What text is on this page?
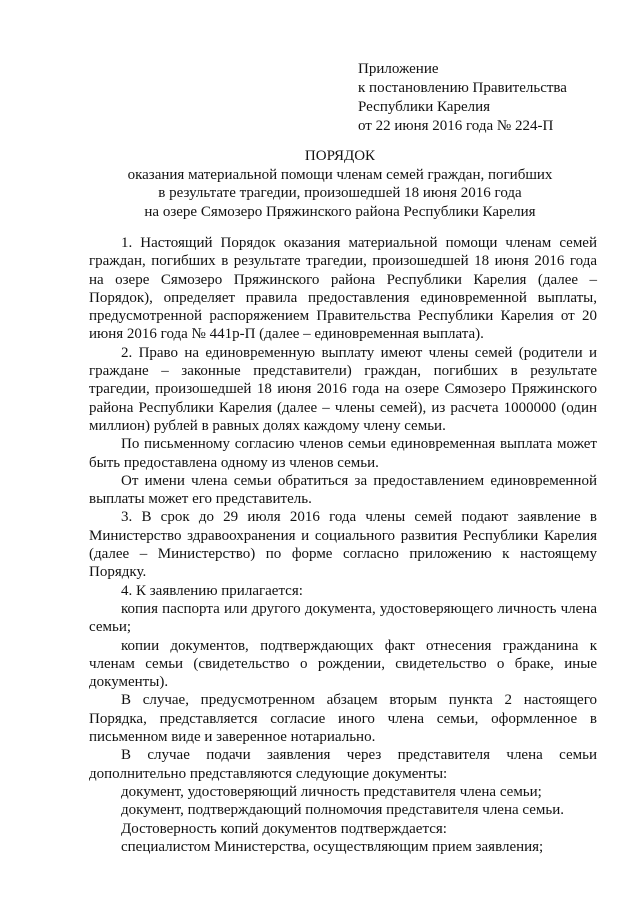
Приложение
к постановлению Правительства
Республики Карелия
от 22 июня 2016 года № 224-П
ПОРЯДОК
оказания материальной помощи членам семей граждан, погибших
в результате трагедии, произошедшей 18 июня 2016 года
на озере Сямозеро Пряжинского района Республики Карелия

1. Настоящий Порядок оказания материальной помощи членам семей граждан, погибших в результате трагедии, произошедшей 18 июня 2016 года на озере Сямозеро Пряжинского района Республики Карелия (далее – Порядок), определяет правила предоставления единовременной выплаты, предусмотренной распоряжением Правительства Республики Карелия от 20 июня 2016 года № 441р-П (далее – единовременная выплата).

2. Право на единовременную выплату имеют члены семей (родители и граждане – законные представители) граждан, погибших в результате трагедии, произошедшей 18 июня 2016 года на озере Сямозеро Пряжинского района Республики Карелия (далее – члены семей), из расчета 1000000 (один миллион) рублей в равных долях каждому члену семьи.

По письменному согласию членов семьи единовременная выплата может быть предоставлена одному из членов семьи.

От имени члена семьи обратиться за предоставлением единовременной выплаты может его представитель.

3. В срок до 29 июля 2016 года члены семей подают заявление в Министерство здравоохранения и социального развития Республики Карелия (далее – Министерство) по форме согласно приложению к настоящему Порядку.

4. К заявлению прилагается:

копия паспорта или другого документа, удостоверяющего личность члена семьи;

копии документов, подтверждающих факт отнесения гражданина к членам семьи (свидетельство о рождении, свидетельство о браке, иные документы).

В случае, предусмотренном абзацем вторым пункта 2 настоящего Порядка, представляется согласие иного члена семьи, оформленное в письменном виде и заверенное нотариально.

В случае подачи заявления через представителя члена семьи дополнительно представляются следующие документы:

документ, удостоверяющий личность представителя члена семьи;

документ, подтверждающий полномочия представителя члена семьи.

Достоверность копий документов подтверждается:

специалистом Министерства, осуществляющим прием заявления;
